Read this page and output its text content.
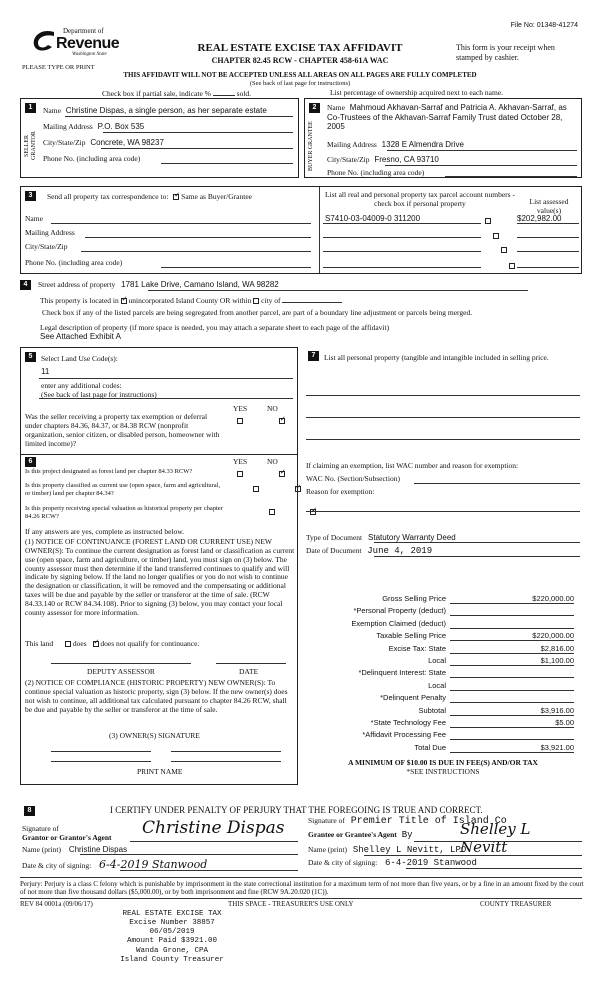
File No: 01348-41274
Department of
Revenue
Washington State
PLEASE TYPE OR PRINT
REAL ESTATE EXCISE TAX AFFIDAVIT
CHAPTER 82.45 RCW - CHAPTER 458-61A WAC
This form is your receipt when stamped by cashier.
THIS AFFIDAVIT WILL NOT BE ACCEPTED UNLESS ALL AREAS ON ALL PAGES ARE FULLY COMPLETED
(See back of last page for instructions)
Check box if partial sale, indicate %	sold.	List percentage of ownership acquired next to each name.
1
SELLER GRANTOR
Name Christine Dispas, a single person, as her separate estate
Mailing Address P.O. Box 535
City/State/Zip Concrete, WA 98237
Phone No. (including area code)
2
BUYER GRANTEE
Name Mahmoud Akhavan-Sarraf and Patricia A. Akhavan-Sarraf, as Co-Trustees of the Akhavan-Sarraf Family Trust dated October 28, 2005
Mailing Address 1328 E Almendra Drive
City/State/Zip Fresno, CA 93710
Phone No. (including area code)
3	Send all property tax correspondence to: ✓ Same as Buyer/Grantee
Name
Mailing Address
City/State/Zip
Phone No. (including area code)
List all real and personal property tax parcel account numbers - check box if personal property	List assessed value(s)
S7410-03-04009-0 311200
	$202,982.00

4	Street address of property 1781 Lake Drive, Camano Island, WA 98282
This property is located in ✓ unincorporated Island County OR within city of
Check box if any of the listed parcels are being segregated from another parcel, are part of a boundary line adjustment or parcels being merged.
Legal description of property (if more space is needed, you may attach a separate sheet to each page of the affidavit)
See Attached Exhibit A
5	Select Land Use Code(s):
11
enter any additional codes:
(See back of last page for instructions)
YES	NO
Was the seller receiving a property tax exemption or deferral under chapters 84.36, 84.37, or 84.38 RCW (nonprofit organization, senior citizen, or disabled person, homeowner with limited income)?
✓
6	YES	NO
Is this project designated as forest land per chapter 84.33 RCW?
✓
Is this property classified as current use (open space, farm and agricultural, or timber) land per chapter 84.34?
✓
Is this property receiving special valuation as historical property per chapter 84.26 RCW?
✓
If any answers are yes, complete as instructed below.
(1) NOTICE OF CONTINUANCE (FOREST LAND OR CURRENT USE) NEW OWNER(S): To continue the current designation as forest land or classification as current use (open space, farm and agriculture, or timber) land, you must sign on (3) below. The county assessor must then determine if the land transferred continues to qualify and will indicate by signing below. If the land no longer qualifies or you do not wish to continue the designation or classification, it will be removed and the compensating or additional taxes will be due and payable by the seller or transferor at the time of sale. (RCW 84.33.140 or RCW 84.34.108). Prior to signing (3) below, you may contact your local county assessor for more information.
This land	does ✓ does not qualify for continuance.
DEPUTY ASSESSOR	DATE
(2) NOTICE OF COMPLIANCE (HISTORIC PROPERTY) NEW OWNER(S): To continue special valuation as historic property, sign (3) below. If the new owner(s) does not wish to continue, all additional tax calculated pursuant to chapter 84.26 RCW, shall be due and payable by the seller or transferor at the time of sale.
(3) OWNER(S) SIGNATURE
PRINT NAME
7	List all personal property (tangible and intangible included in selling price.
If claiming an exemption, list WAC number and reason for exemption:
WAC No. (Section/Subsection)
Reason for exemption:
Type of Document Statutory Warranty Deed
Date of Document June 4, 2019
Gross Selling Price	$220,000.00
*Personal Property (deduct)
Exemption Claimed (deduct)
Taxable Selling Price	$220,000.00
Excise Tax: State	$2,816.00
Local	$1,100.00
*Delinquent Interest: State
Local
*Delinquent Penalty
Subtotal	$3,916.00
*State Technology Fee	$5.00
*Affidavit Processing Fee
Total Due	$3,921.00
A MINIMUM OF $10.00 IS DUE IN FEE(S) AND/OR TAX
*SEE INSTRUCTIONS
8	I CERTIFY UNDER PENALTY OF PERJURY THAT THE FOREGOING IS TRUE AND CORRECT.
Signature of
Grantor or Grantor's Agent Christine Dispas
Name (print) Christine Dispas
Date & city of signing: 6-4-2019 Stanwood
Signature of Premier Title of Island Co
Grantee or Grantee's Agent By	Shelley L Nevitt
Name (print) Shelley L Nevitt, LPO
Date & city of signing: 6-4-2019 Stanwood
Perjury: Perjury is a class C felony which is punishable by imprisonment in the state correctional institution for a maximum term of not more than five years, or by a fine in an amount fixed by the court of not more than five thousand dollars ($5,000.00), or by both imprisonment and fine (RCW 9A.20.020 (1C)).
REV 84 0001a (09/06/17)	THIS SPACE - TREASURER'S USE ONLY	COUNTY TREASURER
REAL ESTATE EXCISE TAX
Excise Number 38857
06/05/2019
Amount Paid $3921.00
Wanda Grone, CPA
Island County Treasurer
